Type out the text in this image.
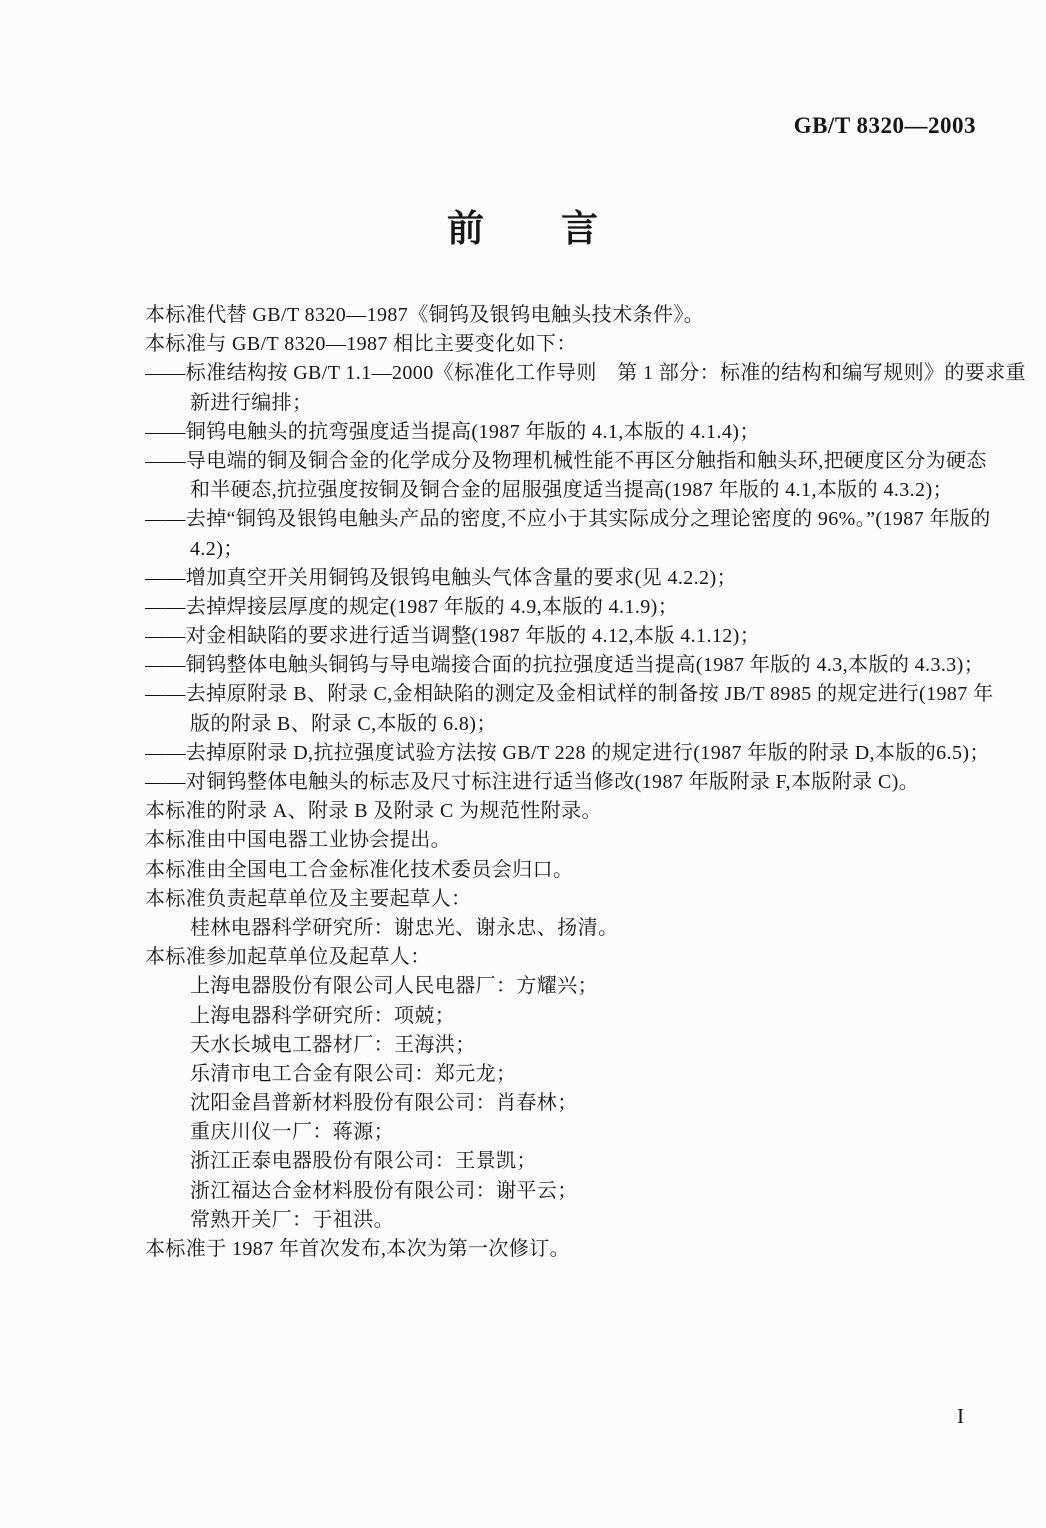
GB/T 8320—2003
前　　言
本标准代替 GB/T 8320—1987《铜钨及银钨电触头技术条件》。
本标准与 GB/T 8320—1987 相比主要变化如下：
——标准结构按 GB/T 1.1—2000《标准化工作导则　第 1 部分：标准的结构和编写规则》的要求重
新进行编排；
——铜钨电触头的抗弯强度适当提高(1987 年版的 4.1,本版的 4.1.4)；
——导电端的铜及铜合金的化学成分及物理机械性能不再区分触指和触头环,把硬度区分为硬态
和半硬态,抗拉强度按铜及铜合金的屈服强度适当提高(1987 年版的 4.1,本版的 4.3.2)；
——去掉“铜钨及银钨电触头产品的密度,不应小于其实际成分之理论密度的 96%。”(1987 年版的
4.2)；
——增加真空开关用铜钨及银钨电触头气体含量的要求(见 4.2.2)；
——去掉焊接层厚度的规定(1987 年版的 4.9,本版的 4.1.9)；
——对金相缺陷的要求进行适当调整(1987 年版的 4.12,本版 4.1.12)；
——铜钨整体电触头铜钨与导电端接合面的抗拉强度适当提高(1987 年版的 4.3,本版的 4.3.3)；
——去掉原附录 B、附录 C,金相缺陷的测定及金相试样的制备按 JB/T 8985 的规定进行(1987 年
版的附录 B、附录 C,本版的 6.8)；
——去掉原附录 D,抗拉强度试验方法按 GB/T 228 的规定进行(1987 年版的附录 D,本版的6.5)；
——对铜钨整体电触头的标志及尺寸标注进行适当修改(1987 年版附录 F,本版附录 C)。
本标准的附录 A、附录 B 及附录 C 为规范性附录。
本标准由中国电器工业协会提出。
本标准由全国电工合金标准化技术委员会归口。
本标准负责起草单位及主要起草人：
桂林电器科学研究所：谢忠光、谢永忠、扬清。
本标准参加起草单位及起草人：
上海电器股份有限公司人民电器厂：方耀兴；
上海电器科学研究所：项兢；
天水长城电工器材厂：王海洪；
乐清市电工合金有限公司：郑元龙；
沈阳金昌普新材料股份有限公司：肖春林；
重庆川仪一厂：蒋源；
浙江正泰电器股份有限公司：王景凯；
浙江福达合金材料股份有限公司：谢平云；
常熟开关厂：于祖洪。
本标准于 1987 年首次发布,本次为第一次修订。
I
